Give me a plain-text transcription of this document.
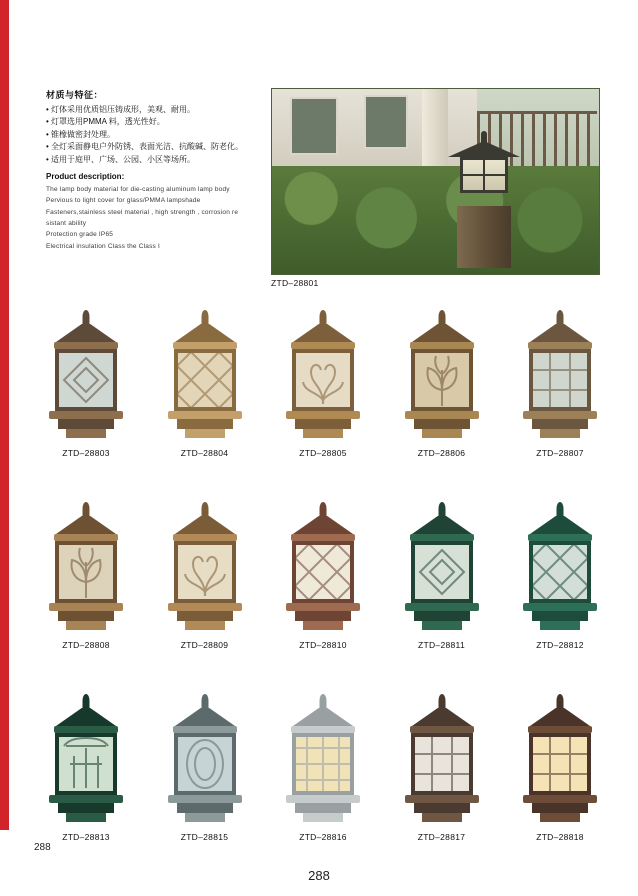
材质与特征：
• 灯体采用优质铝压铸成形，美观、耐用。
• 灯罩选用PMMA 料，透光性好。
• 锥橡做密封处理。
• 全灯采面静电户外防锈、表面光洁、抗酸碱、防老化。
• 适用于庭甲、广场、公园、小区等场所。
Product description:
The lamp body material for die-casting aluminum lamp body
Pervious to light cover for glass/PMMA lampshade
Fasteners,stainless steel material , high strength , corrosion re
sistant ability
Protection grade IP65
Electrical insulation Class the Class I
ZTD–28801
ZTD–28803	ZTD–28804	ZTD–28805	ZTD–28806	ZTD–28807
ZTD–28808	ZTD–28809	ZTD–28810	ZTD–28811	ZTD–28812
ZTD–28813	ZTD–28815	ZTD–28816	ZTD–28817	ZTD–28818
288
288
